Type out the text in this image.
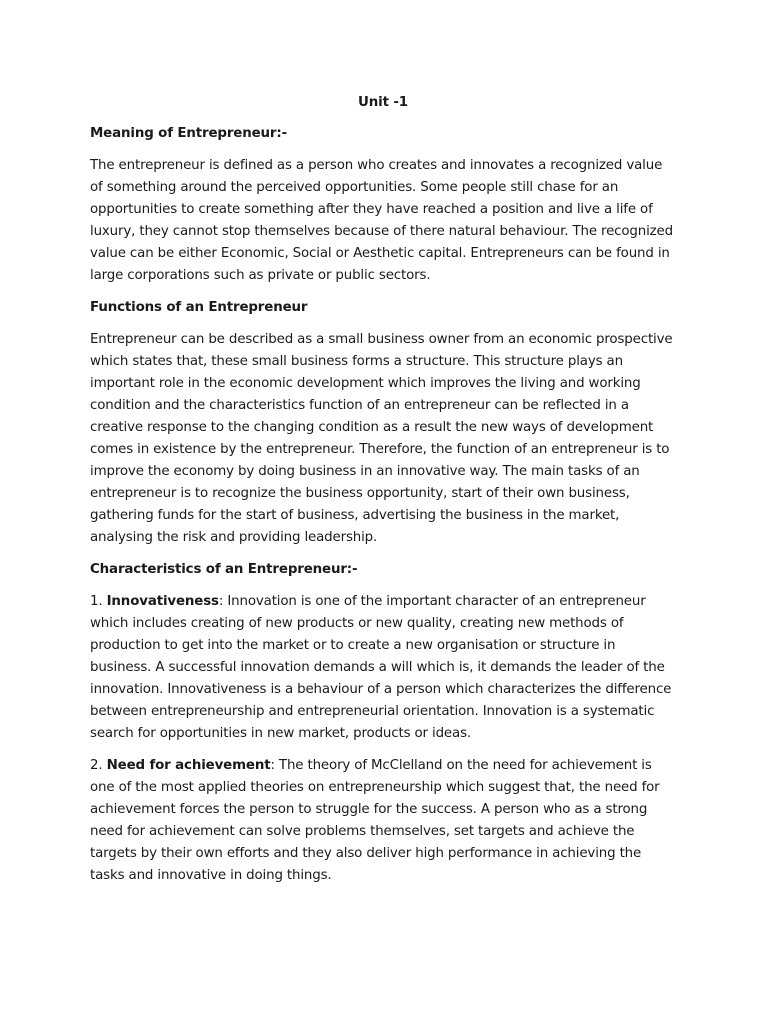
Unit -1
Meaning of Entrepreneur:-
The entrepreneur is defined as a person who creates and innovates a recognized value of something around the perceived opportunities. Some people still chase for an opportunities to create something after they have reached a position and live a life of luxury, they cannot stop themselves because of there natural behaviour. The recognized value can be either Economic, Social or Aesthetic capital. Entrepreneurs can be found in large corporations such as private or public sectors.
Functions of an Entrepreneur
Entrepreneur can be described as a small business owner from an economic prospective which states that, these small business forms a structure. This structure plays an important role in the economic development which improves the living and working condition and the characteristics function of an entrepreneur can be reflected in a creative response to the changing condition as a result the new ways of development comes in existence by the entrepreneur. Therefore, the function of an entrepreneur is to improve the economy by doing business in an innovative way. The main tasks of an entrepreneur is to recognize the business opportunity, start of their own business, gathering funds for the start of business, advertising the business in the market, analysing the risk and providing leadership.
Characteristics of an Entrepreneur:-
1. Innovativeness: Innovation is one of the important character of an entrepreneur which includes creating of new products or new quality, creating new methods of production to get into the market or to create a new organisation or structure in business. A successful innovation demands a will which is, it demands the leader of the innovation. Innovativeness is a behaviour of a person which characterizes the difference between entrepreneurship and entrepreneurial orientation. Innovation is a systematic search for opportunities in new market, products or ideas.
2. Need for achievement: The theory of McClelland on the need for achievement is one of the most applied theories on entrepreneurship which suggest that, the need for achievement forces the person to struggle for the success. A person who as a strong need for achievement can solve problems themselves, set targets and achieve the targets by their own efforts and they also deliver high performance in achieving the tasks and innovative in doing things.
